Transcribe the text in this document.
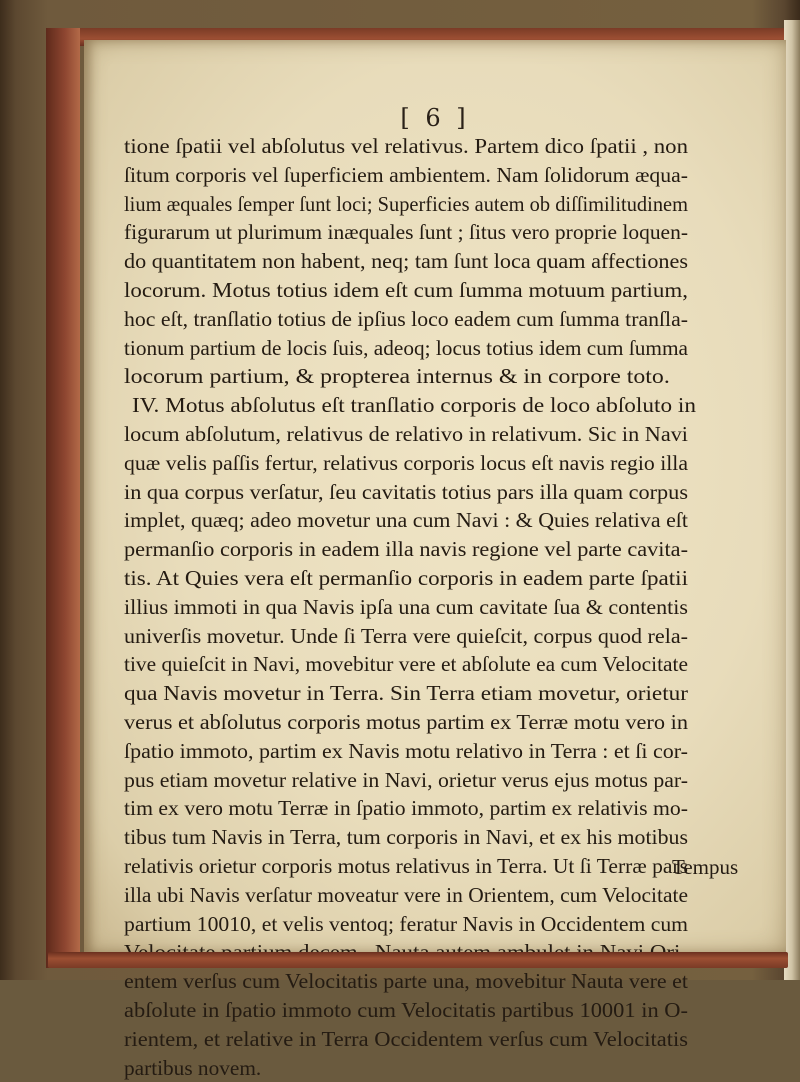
[ 6 ]
tione ſpatii vel abſolutus vel relativus. Partem dico ſpatii , non
ſitum corporis vel ſuperficiem ambientem. Nam ſolidorum æqua-
lium æquales ſemper ſunt loci; Superficies autem ob diſſimilitudinem
figurarum ut plurimum inæquales ſunt ; ſitus vero proprie loquen-
do quantitatem non habent, neq; tam ſunt loca quam affectiones
locorum. Motus totius idem eſt cum ſumma motuum partium,
hoc eſt, tranſlatio totius de ipſius loco eadem cum ſumma tranſla-
tionum partium de locis ſuis, adeoq; locus totius idem cum ſumma
locorum partium, & propterea internus & in corpore toto.
IV. Motus abſolutus eſt tranſlatio corporis de loco abſoluto in
locum abſolutum, relativus de relativo in relativum. Sic in Navi
quæ velis paſſis fertur, relativus corporis locus eſt navis regio illa
in qua corpus verſatur, ſeu cavitatis totius pars illa quam corpus
implet, quæq; adeo movetur una cum Navi : & Quies relativa eſt
permanſio corporis in eadem illa navis regione vel parte cavita-
tis. At Quies vera eſt permanſio corporis in eadem parte ſpatii
illius immoti in qua Navis ipſa una cum cavitate ſua & contentis
univerſis movetur. Unde ſi Terra vere quieſcit, corpus quod rela-
tive quieſcit in Navi, movebitur vere et abſolute ea cum Velocitate
qua Navis movetur in Terra. Sin Terra etiam movetur, orietur
verus et abſolutus corporis motus partim ex Terræ motu vero in
ſpatio immoto, partim ex Navis motu relativo in Terra : et ſi cor-
pus etiam movetur relative in Navi, orietur verus ejus motus par-
tim ex vero motu Terræ in ſpatio immoto, partim ex relativis mo-
tibus tum Navis in Terra, tum corporis in Navi, et ex his motibus
relativis orietur corporis motus relativus in Terra. Ut ſi Terræ pars
illa ubi Navis verſatur moveatur vere in Orientem, cum Velocitate
partium 10010, et velis ventoq; feratur Navis in Occidentem cum
entem verſus cum Velocitatis parte una, movebitur Nauta vere et
abſolute in ſpatio immoto cum Velocitatis partibus 10001 in O-
rientem, et relative in Terra Occidentem verſus cum Velocitatis
partibus novem.
Tempus
